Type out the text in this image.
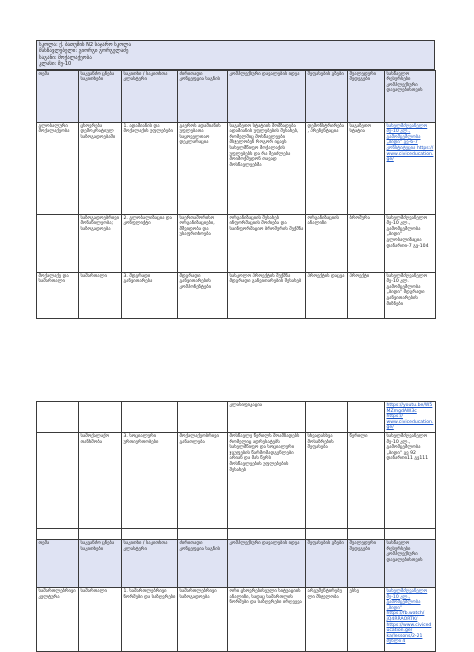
სკოლა: ქ. ბათუმის N2 საჯარო სკოლა
მასწავლებელი: გიორგი გორგელაძე
საგანი: მოქალაქეობა
კლასი: მე-10
თემა	საკვანძო ცნება საკითხები	საკითხი / საკითხთა კლასტერი	ძირითადი კონცეფცია საგნის	კომპლექსური დავალების იდეა	შეფასების გზები	შუალედური შედეგები	სასწავლო რესურსები კომპლექსური დავალებისთვის
გლობალური მოქალაქეობა	ცხოვრება დემოკრატიულ საზოგადოებაში	1. ადამიანის და მოქალაქის უფლებები	გაეროს ადამიანის უფლებათა საყოველთაო დეკლარაცია	საგაზეთო სტატიის მომზადება ადამიანის უფლებების შესახებ, რომელშიც მოსწავლეები მსჯელობენ როგორ იცავს სახელმწიფო მოქალაქის უფლებებს და რა შეიძლება მოიმოქმედონ თავად მოსწავლეებმა	დემონსტრირება, პრეზენტაცია	საგაზეთო სტატია	სახელმძღვანელო მე-10 კლ., გამომცემლობა „ბიდი“ გვ-6-7 კონსტიტუცია https:// www.civiceducation.ge/
	საზოგადოებრივი მონაწილეობა; საზოგადოება	2. გლობალიზაცია და კონფლიქტი	საერთაშორისო ორგანიზაციები, მშვიდობა და უსაფრთხოება	ორგანიზაციის შესახებ ინფორმაციის მოძიება და საინფორმაციო ბროშურის შექმნა	ორგანიზაციის ანალიზი	ბროშურა	სახელმძღვანელო მე-10 კლ., გამომცემლობა „ბიდი“ გლობალიზაცია დანართი-7 გვ-104
მოქალაქე და სამართალი	სამართალი	3. მდგრადი განვითარება	მდგრადი განვითარების კომპონენტები	სასკოლო პროექტის შექმნა მდგრადი განვითარების შესახებ	პროექტის დაცვა	პროექტი	სახელმძღვანელო მე-10 კლ. გამომცემლობა „ბიდი“ მდგრადი განვითარების მიზნები
				კლასიფიკაცია			https://youtu.be/W5MZmgdAW3c https:// www.civiceducation.ge/
	სამოქალაქო თანხმობა	3. სოციალური ურთიერთობები	მოქალაქეობრივი განათლება	მოსწავლე წერილს მოამზადებს რომელიც ადრესატებს სახელმწიფო და სოციალური ჯგუფების წარმომადგენლები არიან და მას წერს მოსწავლეების უფლებების შესახებ	სხვადასხვა მოსაზრების შეფასება	წერილი	სახელმძღვანელო მე-10 კლ., გამომცემლობა „ბიდი“ გვ 92 დანართი11 გვ111

თემა	საკვანძო ცნება საკითხები	საკითხი / საკითხთა კლასტერი	ძირითადი კონცეფცია საგნის	კომპლექსური დავალების იდეა	შეფასების გზები	შუალედური შედეგები	სასწავლო რესურსები კომპლექსური დავალებისთვის
სამართლებრივი კულტურა	სამართალი	1. სამართლებრივი ნორმები და საზღვრები	სამართლებრივი საზოგადოება	ორი ცხოვრებისეული სიტუაციის ანალიზი, სადაც სამართლის ნორმები და საზღვრები ირღვევა	არგუმენტირებული მსჯელობა	ესსე	სახელმძღვანელო მე-10 კლ., გამომცემლობა „ბიდი“ https://fb.watch/ jQ4RRAORTK/ https://www.civiceducation.ge/ ka/lessons/2-21 მუხლი 4
